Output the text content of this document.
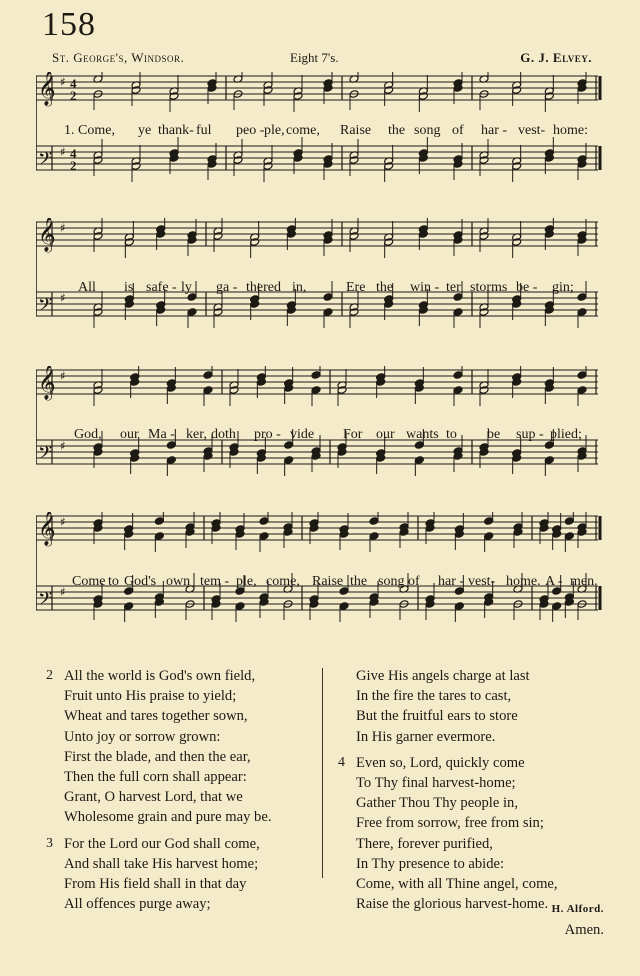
158
St. George's, Windsor.	Eight 7's.	G. J. Elvey.
𝄞 ♯ 4
2
𝄢 ♯ 4
2
1. Come, ye thank- ful peo - ple, come, Raise the song of har - vest- home:
𝄞 ♯
𝄢 ♯
All is safe - ly ga - thered in,	Ere the win - ter storms be - gin;
𝄞 ♯
𝄢 ♯
God, our Ma - ker, doth pro - vide For our wants to be sup - plied;
𝄞 ♯
𝄢 ♯
Come to God's own tem - ple, come, Raise the song of har - vest- home. A - men.
2 All the world is God's own field,
Fruit unto His praise to yield;
Wheat and tares together sown,
Unto joy or sorrow grown:
First the blade, and then the ear,
Then the full corn shall appear:
Grant, O harvest Lord, that we
Wholesome grain and pure may be.
3 For the Lord our God shall come,
And shall take His harvest home;
From His field shall in that day
All offences purge away;
Give His angels charge at last
In the fire the tares to cast,
But the fruitful ears to store
In His garner evermore.
4 Even so, Lord, quickly come
To Thy final harvest-home;
Gather Thou Thy people in,
Free from sorrow, free from sin;
There, forever purified,
In Thy presence to abide:
Come, with all Thine angel, come,
Raise the glorious harvest-home.
Amen.
H. Alford.
